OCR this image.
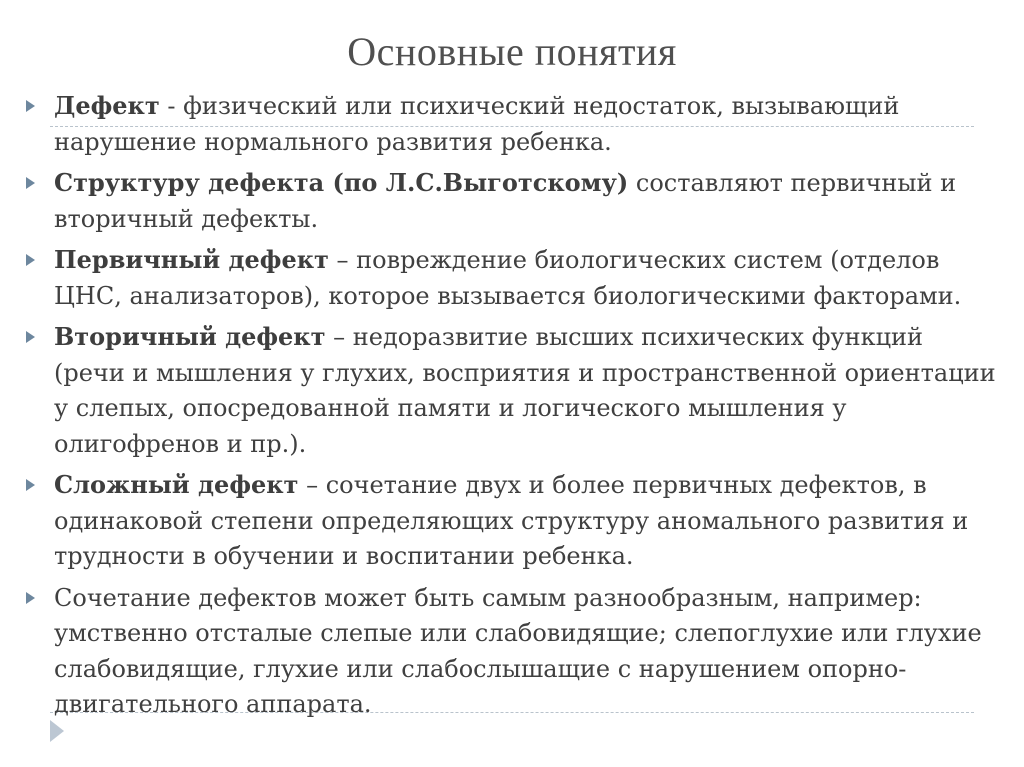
Основные понятия
Дефект - физический или психический недостаток, вызывающий нарушение нормального развития ребенка.
Структуру дефекта (по Л.С.Выготскому) составляют первичный и вторичный дефекты.
Первичный дефект – повреждение биологических систем (отделов ЦНС, анализаторов), которое вызывается биологическими факторами.
Вторичный дефект – недоразвитие высших психических функций (речи и мышления у глухих, восприятия и пространственной ориентации у слепых, опосредованной памяти и логического мышления у олигофренов и пр.).
Сложный дефект – сочетание двух и более первичных дефектов, в одинаковой степени определяющих структуру аномального развития и трудности в обучении и воспитании ребенка.
Сочетание дефектов может быть самым разнообразным, например: умственно отсталые слепые или слабовидящие; слепоглухие или глухие слабовидящие, глухие или слабослышащие с нарушением опорно-двигательного аппарата.
